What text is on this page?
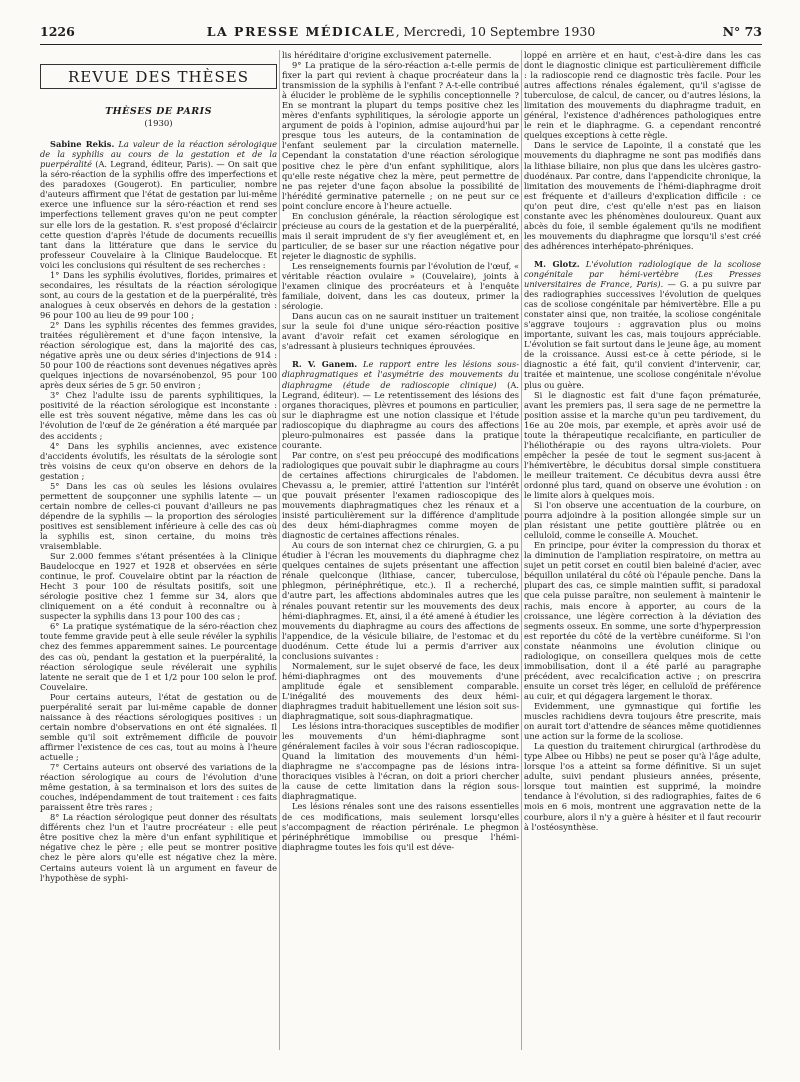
1226	LA PRESSE MÉDICALE, Mercredi, 10 Septembre 1930	N° 73
REVUE DES THÈSES
THÈSES DE PARIS
(1930)

Sabine Rekis. La valeur de la réaction sérologique de la syphilis au cours de la gestation et de la puerpéralité (A. Legrand, éditeur, Paris). — On sait que la séro-réaction de la syphilis offre des imperfections et des paradoxes (Gougerot). En particulier, nombre d'auteurs affirment que l'état de gestation par lui-même exerce une influence sur la séro-réaction et rend ses imperfections tellement graves qu'on ne peut compter sur elle lors de la gestation. R. s'est proposé d'éclaircir cette question d'après l'étude de documents recueillis tant dans la littérature que dans le service du professeur Couvelaire à la Clinique Baudelocque. Et voici les conclusions qui résultent de ses recherches :

1° Dans les syphilis évolutives, florides, primaires et secondaires, les résultats de la réaction sérologique sont, au cours de la gestation et de la puerpéralité, très analogues à ceux observés en dehors de la gestation : 96 pour 100 au lieu de 99 pour 100 ;

2° Dans les syphilis récentes des femmes gravides, traitées régulièrement et d'une façon intensive, la réaction sérologique est, dans la majorité des cas, négative après une ou deux séries d'injections de 914 : 50 pour 100 de réactions sont devenues négatives après quelques injections de novarsénobenzol, 95 pour 100 après deux séries de 5 gr. 50 environ ;

3° Chez l'adulte issu de parents syphilitiques, la positivité de la réaction sérologique est inconstante : elle est très souvent négative, même dans les cas où l'évolution de l'œuf de 2e génération a été marquée par des accidents ;

4° Dans les syphilis anciennes, avec existence d'accidents évolutifs, les résultats de la sérologie sont très voisins de ceux qu'on observe en dehors de la gestation ;

5° Dans les cas où seules les lésions ovulaires permettent de soupçonner une syphilis latente — un certain nombre de celles-ci pouvant d'ailleurs ne pas dépendre de la syphilis — la proportion des sérologies positives est sensiblement inférieure à celle des cas où la syphilis est, sinon certaine, du moins très vraisemblable.

Sur 2.000 femmes s'étant présentées à la Clinique Baudelocque en 1927 et 1928 et observées en série continue, le prof. Couvelaire obtint par la réaction de Hecht 3 pour 100 de résultats positifs, soit une sérologie positive chez 1 femme sur 34, alors que cliniquement on a été conduit à reconnaître ou à suspecter la syphilis dans 13 pour 100 des cas ;

6° La pratique systématique de la séro-réaction chez toute femme gravide peut à elle seule révéler la syphilis chez des femmes apparemment saines. Le pourcentage des cas où, pendant la gestation et la puerpéralité, la réaction sérologique seule révélerait une syphilis latente ne serait que de 1 et 1/2 pour 100 selon le prof. Couvelaire.

Pour certains auteurs, l'état de gestation ou de puerpéralité serait par lui-même capable de donner naissance à des réactions sérologiques positives : un certain nombre d'observations en ont été signalées. Il semble qu'il soit extrêmement difficile de pouvoir affirmer l'existence de ces cas, tout au moins à l'heure actuelle ;

7° Certains auteurs ont observé des variations de la réaction sérologique au cours de l'évolution d'une même gestation, à sa terminaison et lors des suites de couches, indépendamment de tout traitement : ces faits paraissent être très rares ;

8° La réaction sérologique peut donner des résultats différents chez l'un et l'autre procréateur : elle peut être positive chez la mère d'un enfant syphilitique et négative chez le père ; elle peut se montrer positive chez le père alors qu'elle est négative chez la mère. Certains auteurs voient là un argument en faveur de l'hypothèse de syphi-

lis héréditaire d'origine exclusivement paternelle.

9° La pratique de la séro-réaction a-t-elle permis de fixer la part qui revient à chaque procréateur dans la transmission de la syphilis à l'enfant ? A-t-elle contribué à élucider le problème de le syphilis conceptionnelle ? En se montrant la plupart du temps positive chez les mères d'enfants syphilitiques, la sérologie apporte un argument de poids à l'opinion, admise aujourd'hui par presque tous les auteurs, de la contamination de l'enfant seulement par la circulation maternelle. Cependant la constatation d'une réaction sérologique positive chez le père d'un enfant syphilitique, alors qu'elle reste négative chez la mère, peut permettre de ne pas rejeter d'une façon absolue la possibilité de l'hérédité germinative paternelle ; on ne peut sur ce point conclure encore à l'heure actuelle.

En conclusion générale, la réaction sérologique est précieuse au cours de la gestation et de la puerpéralité, mais il serait imprudent de s'y fier aveuglément et, en particulier, de se baser sur une réaction négative pour rejeter le diagnostic de syphilis.

Les renseignements fournis par l'évolution de l'œuf, « véritable réaction ovulaire » (Couvelaire), joints à l'examen clinique des procréateurs et à l'enquête familiale, doivent, dans les cas douteux, primer la sérologie.

Dans aucun cas on ne saurait instituer un traitement sur la seule foi d'une unique séro-réaction positive avant d'avoir refait cet examen sérologique en s'adressant à plusieurs techniques éprouvées.

R. V. Ganem. Le rapport entre les lésions sous-diaphragmatiques et l'asymétrie des mouvements du diaphragme (étude de radioscopie clinique) (A. Legrand, éditeur). — Le retentissement des lésions des organes thoraciques, plèvres et poumons en particulier, sur le diaphragme est une notion classique et l'étude radioscopique du diaphragme au cours des affections pleuro-pulmonaires est passée dans la pratique courante.

Par contre, on s'est peu préoccupé des modifications radiologiques que pouvait subir le diaphragme au cours de certaines affections chirurgicales de l'abdomen. Chevassu a, le premier, attiré l'attention sur l'intérêt que pouvait présenter l'examen radioscopique des mouvements diaphragmatiques chez les rénaux et a insisté particulièrement sur la différence d'amplitude des deux hémi-diaphragmes comme moyen de diagnostic de certaines affections rénales.

Au cours de son internat chez ce chirurgien, G. a pu étudier à l'écran les mouvements du diaphragme chez quelques centaines de sujets présentant une affection rénale quelconque (lithiase, cancer, tuberculose, phlegmon, périnéphrétique, etc.). Il a recherché, d'autre part, les affections abdominales autres que les rénales pouvant retentir sur les mouvements des deux hémi-diaphragmes. Et, ainsi, il a été amené à étudier les mouvements du diaphragme au cours des affections de l'appendice, de la vésicule biliaire, de l'estomac et du duodénum. Cette étude lui a permis d'arriver aux conclusions suivantes :

Normalement, sur le sujet observé de face, les deux hémi-diaphragmes ont des mouvements d'une amplitude égale et sensiblement comparable. L'inégalité des mouvements des deux hémi-diaphragmes traduit habituellement une lésion soit sus-diaphragmatique, soit sous-diaphragmatique.

Les lésions intra-thoraciques susceptibles de modifier les mouvements d'un hémi-diaphragme sont généralement faciles à voir sous l'écran radioscopique. Quand la limitation des mouvements d'un hémi-diaphragme ne s'accompagne pas de lésions intra-thoraciques visibles à l'écran, on doit a priori chercher la cause de cette limitation dans la région sous-diaphragmatique.

Les lésions rénales sont une des raisons essentielles de ces modifications, mais seulement lorsqu'elles s'accompagnent de réaction périrénale. Le phegmon périnéphrétique immobilise ou presque l'hémi-diaphragme toutes les fois qu'il est déve-

loppé en arrière et en haut, c'est-à-dire dans les cas dont le diagnostic clinique est particulièrement difficile : la radioscopie rend ce diagnostic très facile. Pour les autres affections rénales également, qu'il s'agisse de tuberculose, de calcul, de cancer, ou d'autres lésions, la limitation des mouvements du diaphragme traduit, en général, l'existence d'adhérences pathologiques entre le rein et le diaphragme. G. a cependant rencontré quelques exceptions à cette règle.

Dans le service de Lapointe, il a constaté que les mouvements du diaphragme ne sont pas modifiés dans la lithiase biliaire, non plus que dans les ulcères gastro-duodénaux. Par contre, dans l'appendicite chronique, la limitation des mouvements de l'hémi-diaphragme droit est fréquente et d'ailleurs d'explication difficile : ce qu'on peut dire, c'est qu'elle n'est pas en liaison constante avec les phénomènes douloureux. Quant aux abcès du foie, il semble également qu'ils ne modifient les mouvements du diaphragme que lorsqu'il s'est créé des adhérences interhépato-phréniques.

M. Glotz. L'évolution radiologique de la scoliose congénitale par hémi-vertèbre (Les Presses universitaires de France, Paris). — G. a pu suivre par des radiographies successives l'évolution de quelques cas de scoliose congénitale par hémivertèbre. Elle a pu constater ainsi que, non traitée, la scoliose congénitale s'aggrave toujours : aggravation plus ou moins importante, suivant les cas, mais toujours appréciable. L'évolution se fait surtout dans le jeune âge, au moment de la croissance. Aussi est-ce à cette période, si le diagnostic a été fait, qu'il convient d'intervenir, car, traitée et maintenue, une scoliose congénitale n'évolue plus ou guère.

Si le diagnostic est fait d'une façon prématurée, avant les premiers pas, il sera sage de ne permettre la position assise et la marche qu'un peu tardivement, du 16e au 20e mois, par exemple, et après avoir usé de toute la thérapeutique recalcifiante, en particulier de l'héliothérapie ou des rayons ultra-violets. Pour empêcher la pesée de tout le segment sus-jacent à l'hémivertèbre, le décubitus dorsal simple constituera le meilleur traitement. Ce décubitus devra aussi être ordonné plus tard, quand on observe une évolution : on le limite alors à quelques mois.

Si l'on observe une accentuation de la courbure, on pourra adjoindre à la position allongée simple sur un plan résistant une petite gouttière plâtrée ou en celluloïd, comme le conseille A. Mouchet.

En principe, pour éviter la compression du thorax et la diminution de l'ampliation respiratoire, on mettra au sujet un petit corset en coutil bien baleiné d'acier, avec béquillon unilatéral du côté où l'épaule penche. Dans la plupart des cas, ce simple maintien suffit, si paradoxal que cela puisse paraître, non seulement à maintenir le rachis, mais encore à apporter, au cours de la croissance, une légère correction à la déviation des segments osseux. En somme, une sorte d'hyperpression est reportée du côté de la vertèbre cunéiforme. Si l'on constate néanmoins une évolution clinique ou radiologique, on conseillera quelques mois de cette immobilisation, dont il a été parlé au paragraphe précédent, avec recalcification active ; on prescrira ensuite un corset très léger, en celluloïd de préférence au cuir, et qui dégagera largement le thorax.

Evidemment, une gymnastique qui fortifie les muscles rachidiens devra toujours être prescrite, mais on aurait tort d'attendre de séances même quotidiennes une action sur la forme de la scoliose.

La question du traitement chirurgical (arthrodèse du type Albee ou Hibbs) ne peut se poser qu'à l'âge adulte, lorsque l'os a atteint sa forme définitive. Si un sujet adulte, suivi pendant plusieurs années, présente, lorsque tout maintien est supprimé, la moindre tendance à l'évolution, si des radiographies, faites de 6 mois en 6 mois, montrent une aggravation nette de la courbure, alors il n'y a guère à hésiter et il faut recourir à l'ostéosynthèse.
